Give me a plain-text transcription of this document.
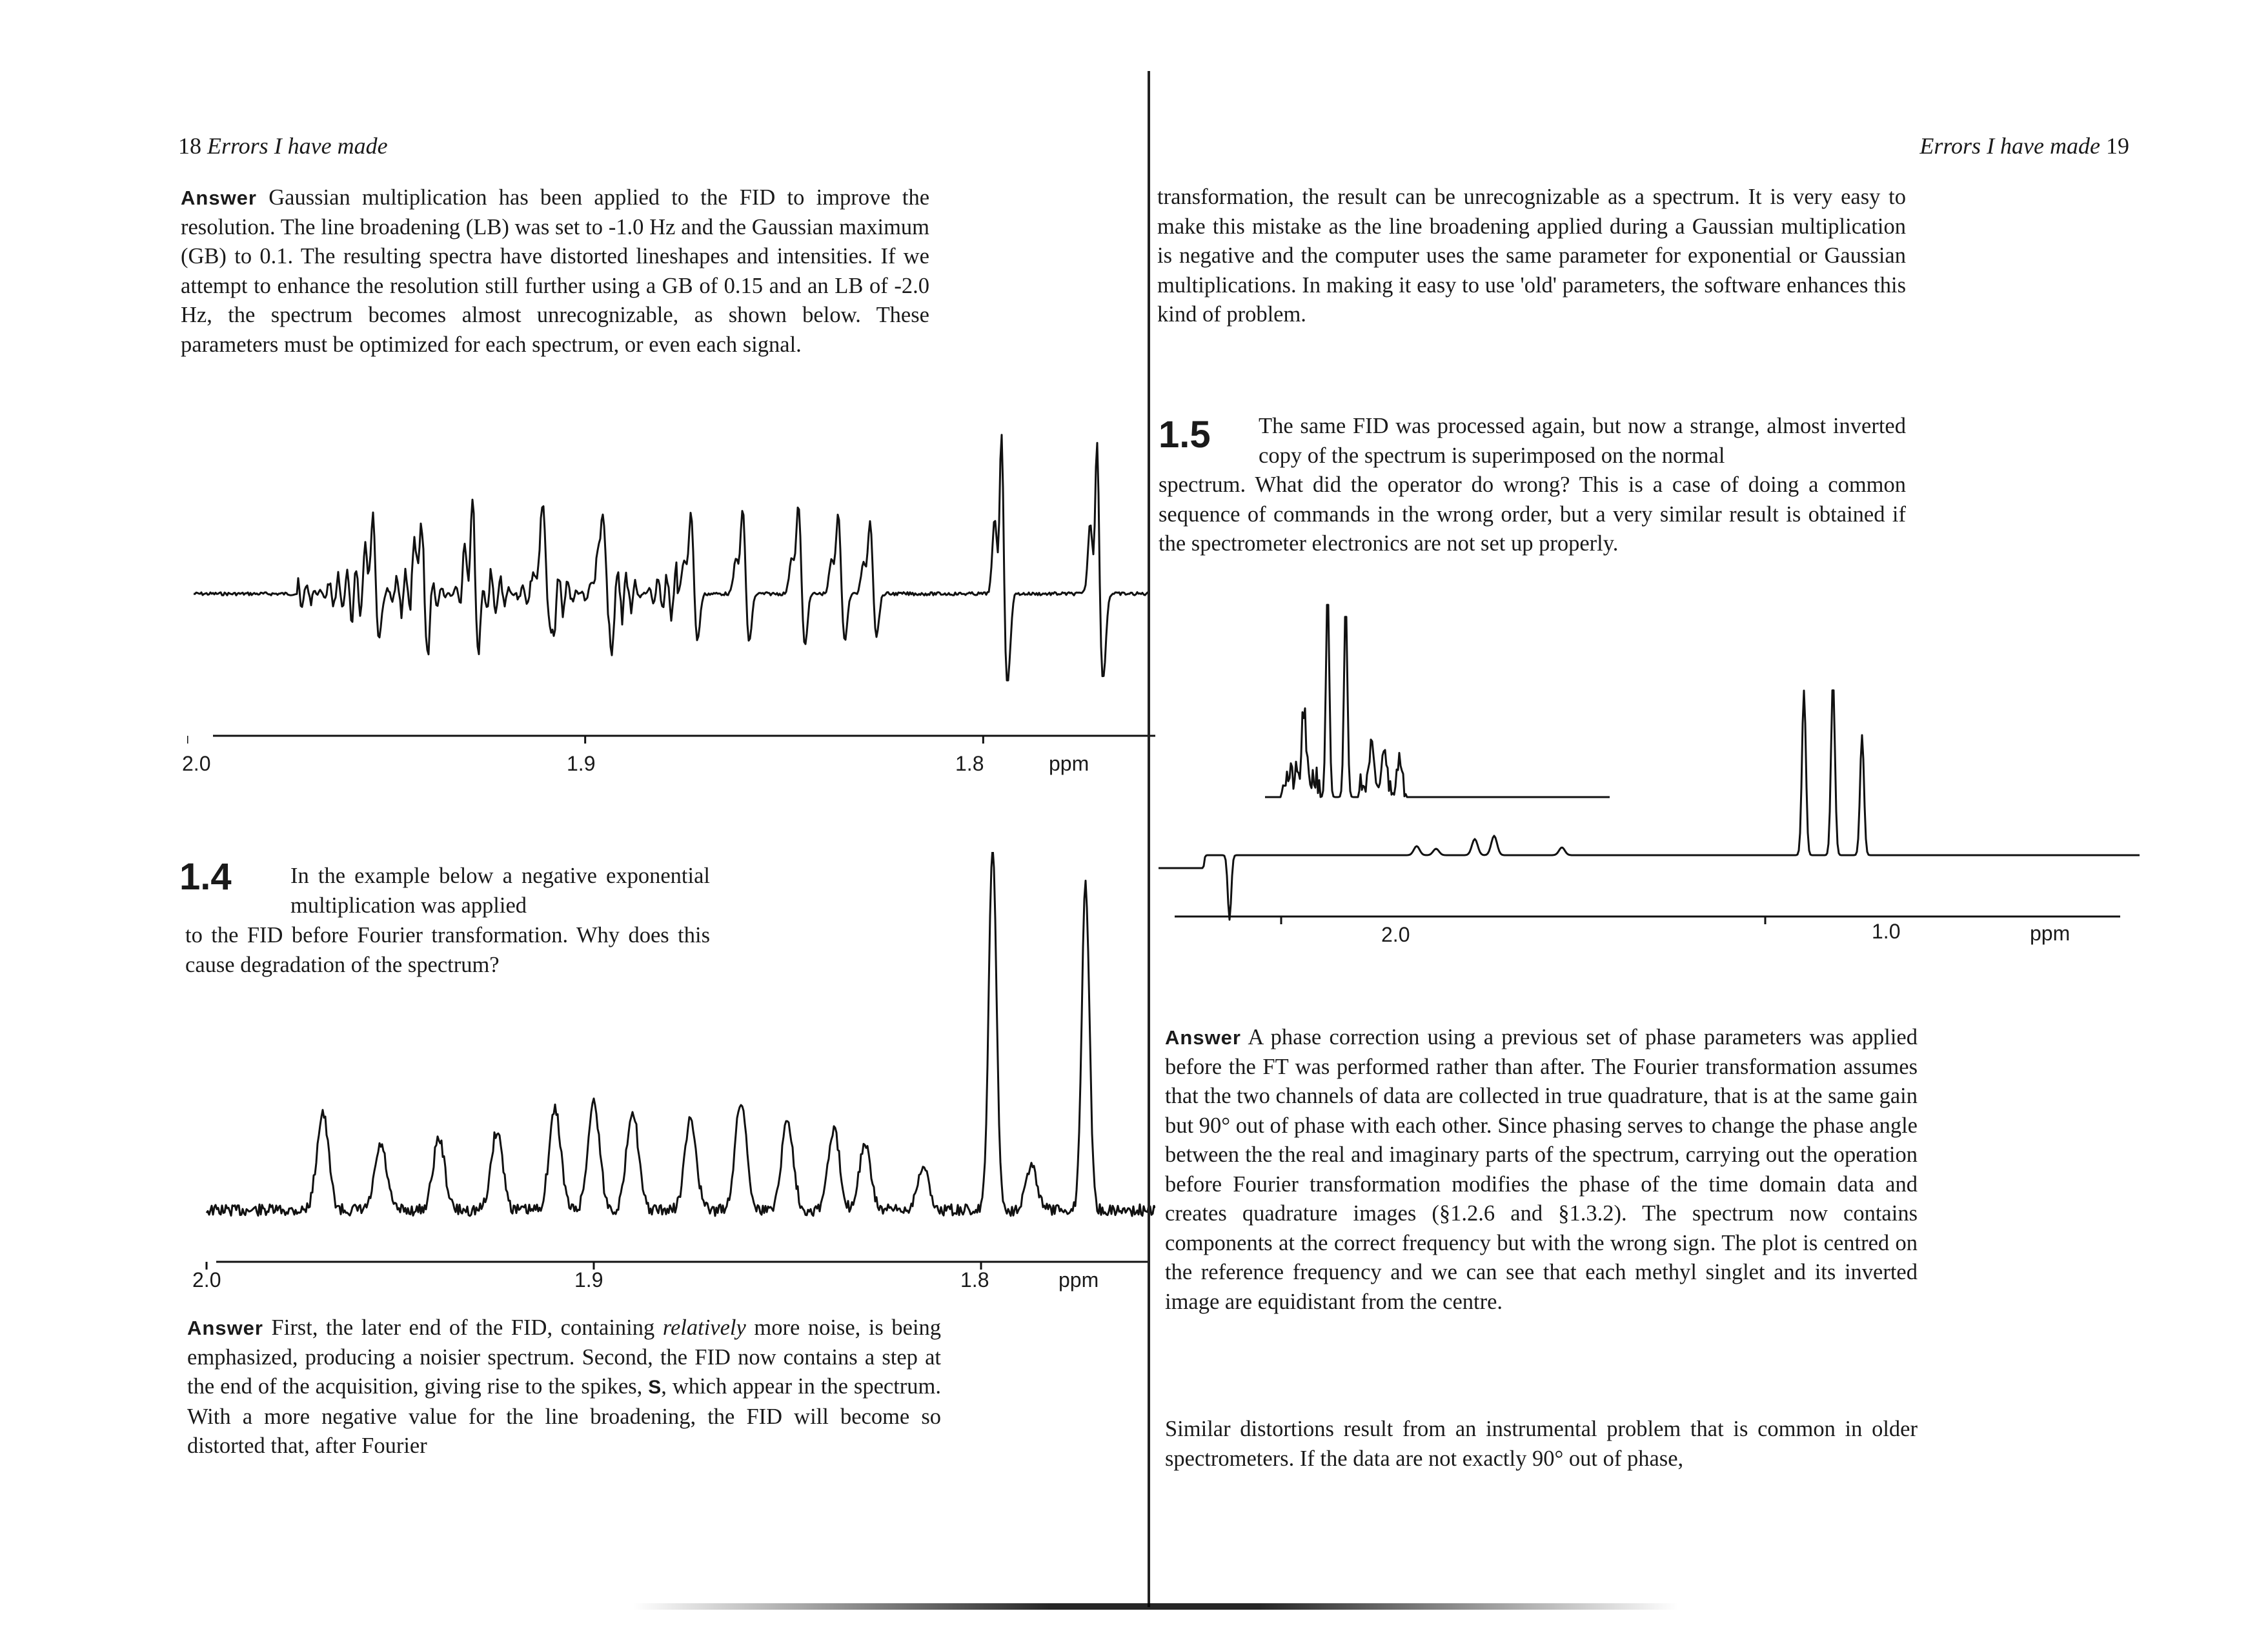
18 Errors I have made

Answer Gaussian multiplication has been applied to the FID to improve the resolution. The line broadening (LB) was set to -1.0 Hz and the Gaussian maximum (GB) to 0.1. The resulting spectra have distorted lineshapes and intensities. If we attempt to enhance the resolution still further using a GB of 0.15 and an LB of -2.0 Hz, the spectrum becomes almost unrecognizable, as shown below. These parameters must be optimized for each spectrum, or even each signal.

2.0	1.9	1.8	ppm
1.4	In the example below a negative exponential multiplication was applied

to the FID before Fourier transformation. Why does this cause degradation of the spectrum?

2.0	1.9	1.8	ppm

Answer First, the later end of the FID, containing relatively more noise, is being emphasized, producing a noisier spectrum. Second, the FID now contains a step at the end of the acquisition, giving rise to the spikes, S, which appear in the spectrum. With a more negative value for the line broadening, the FID will become so distorted that, after Fourier

Errors I have made 19

transformation, the result can be unrecognizable as a spectrum. It is very easy to make this mistake as the line broadening applied during a Gaussian multiplication is negative and the computer uses the same parameter for exponential or Gaussian multiplications. In making it easy to use 'old' parameters, the software enhances this kind of problem.

1.5 The same FID was processed again, but now a strange, almost inverted copy of the spectrum is superimposed on the normal

spectrum. What did the operator do wrong? This is a case of doing a common sequence of commands in the wrong order, but a very similar result is obtained if the spectrometer electronics are not set up properly.

2.0	1.0	ppm

Answer A phase correction using a previous set of phase parameters was applied before the FT was performed rather than after. The Fourier transformation assumes that the two channels of data are collected in true quadrature, that is at the same gain but 90° out of phase with each other. Since phasing serves to change the phase angle between the the real and imaginary parts of the spectrum, carrying out the operation before Fourier transformation modifies the phase of the time domain data and creates quadrature images (§1.2.6 and §1.3.2). The spectrum now contains components at the correct frequency but with the wrong sign. The plot is centred on the reference frequency and we can see that each methyl singlet and its inverted image are equidistant from the centre.

Similar distortions result from an instrumental problem that is common in older spectrometers. If the data are not exactly 90° out of phase,
